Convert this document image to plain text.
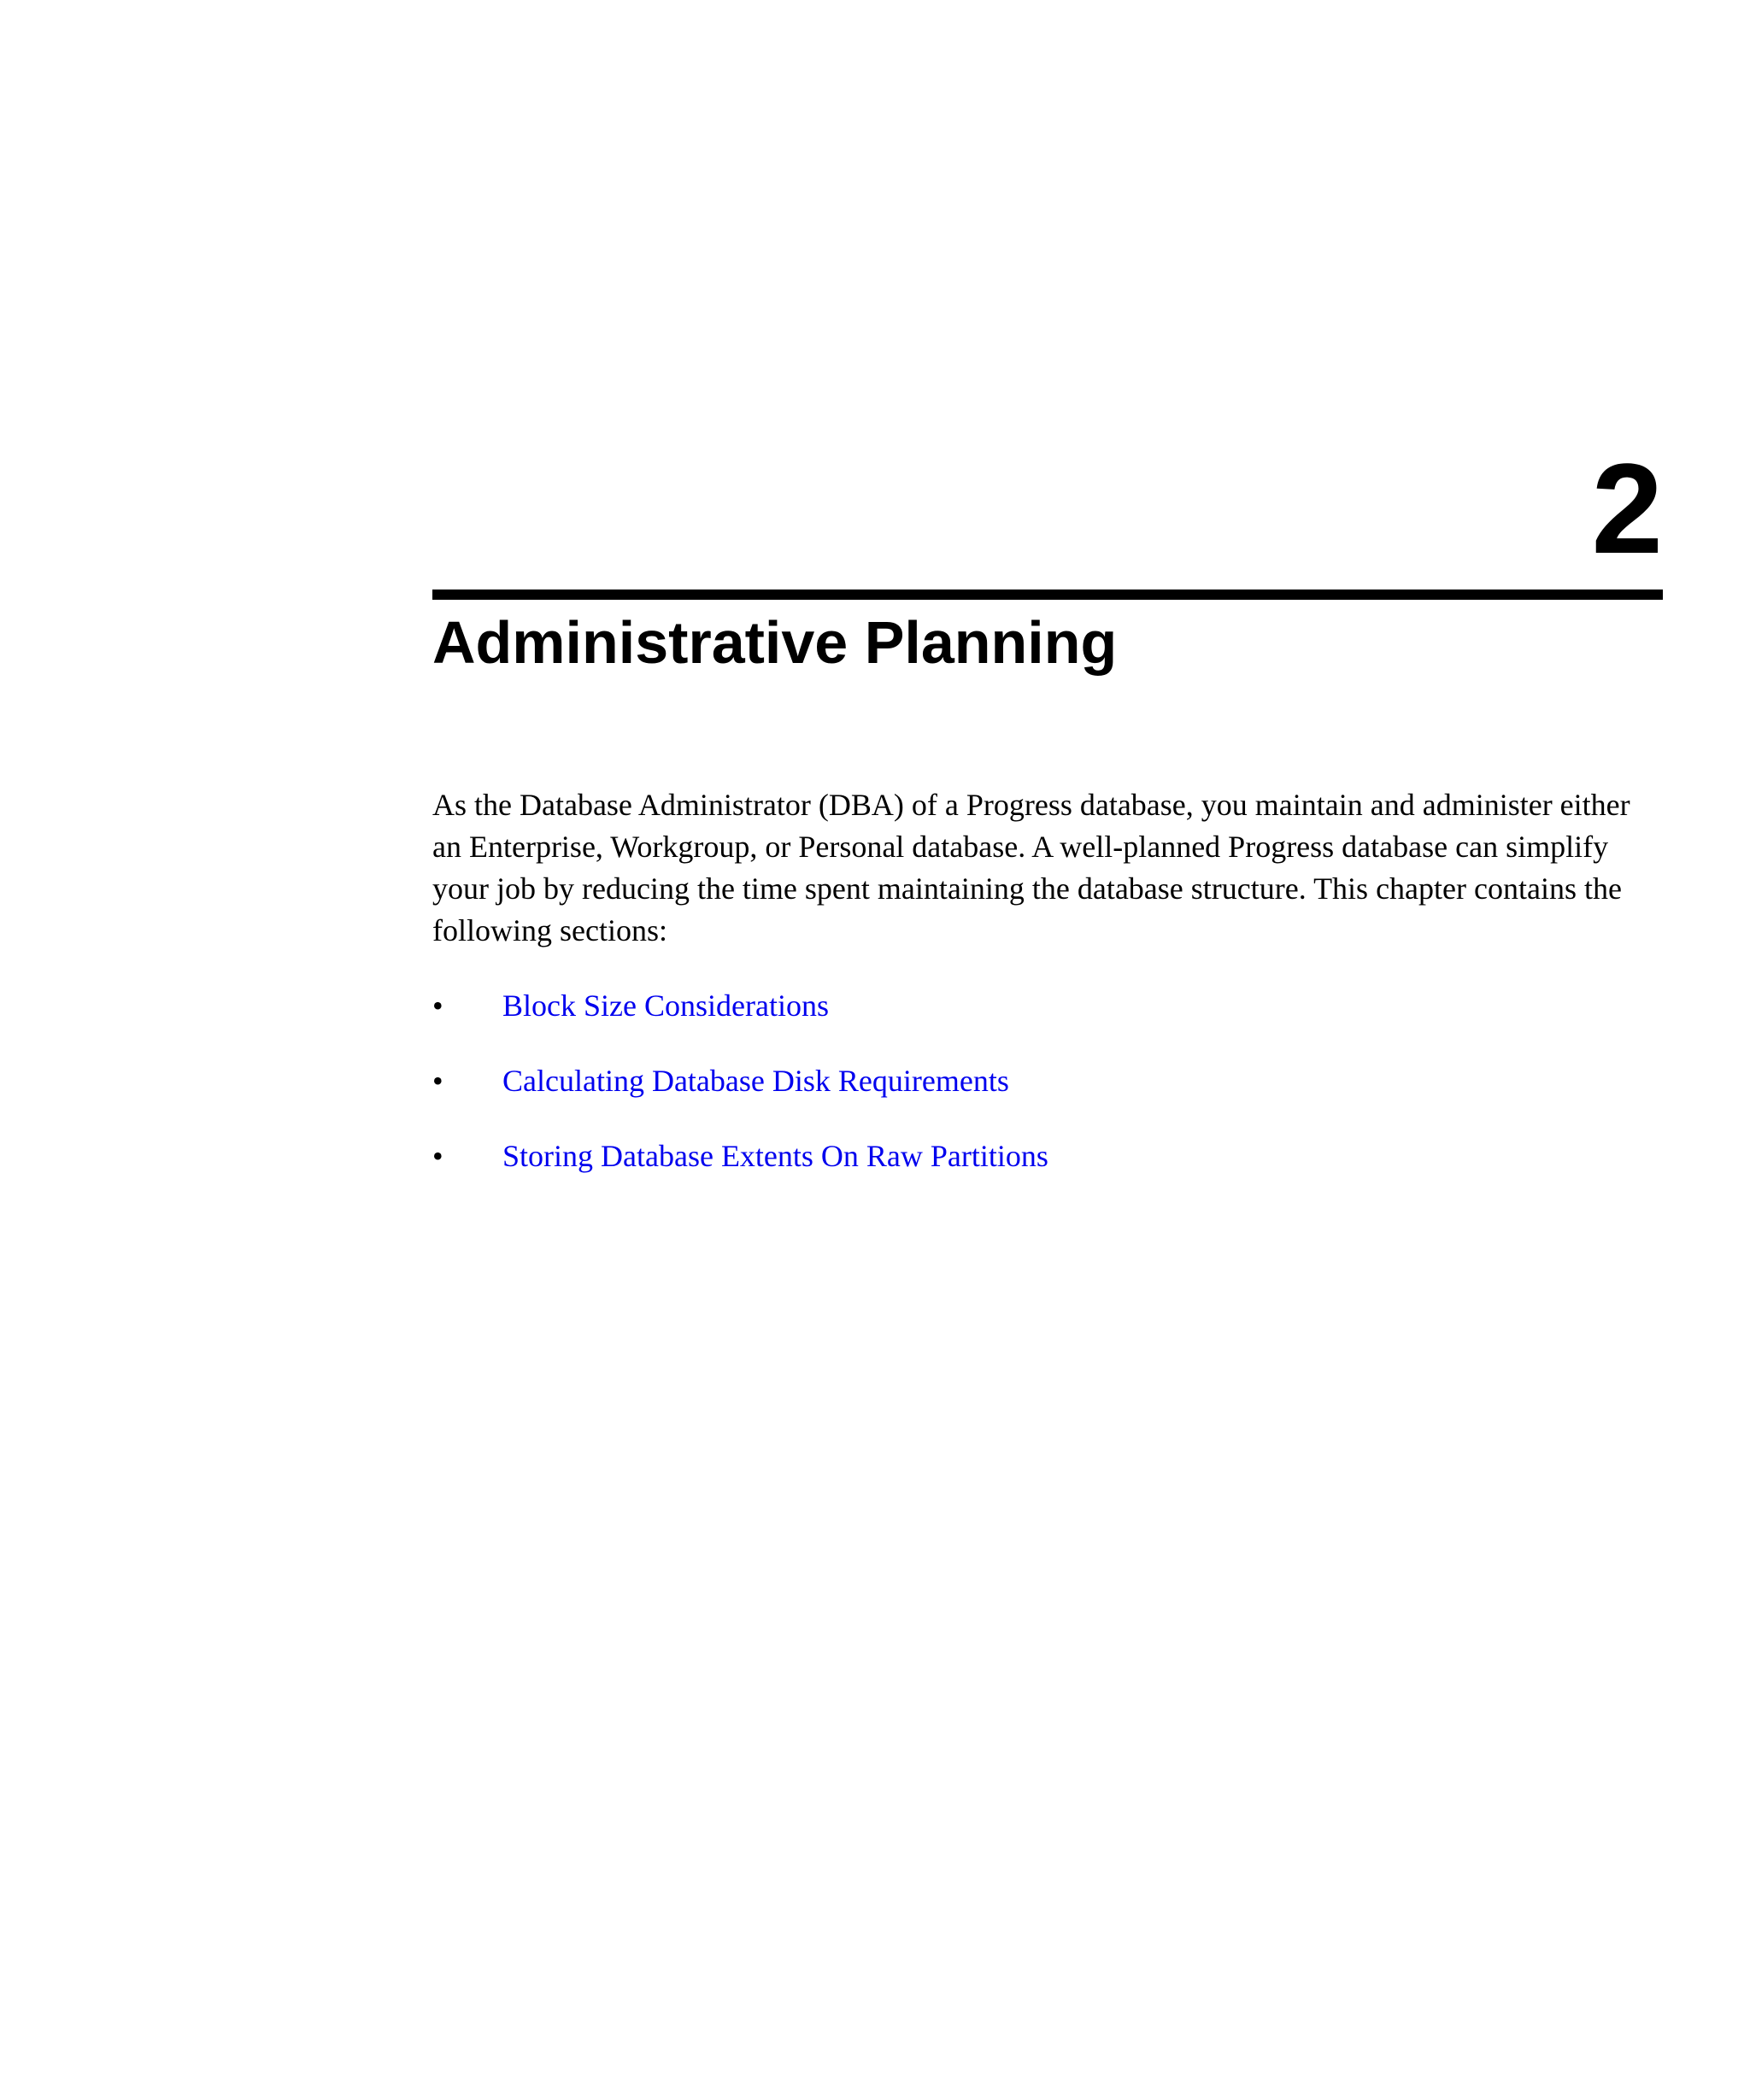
2
Administrative Planning

As the Database Administrator (DBA) of a Progress database, you maintain and administer either an Enterprise, Workgroup, or Personal database. A well-planned Progress database can simplify your job by reducing the time spent maintaining the database structure. This chapter contains the following sections:

•	Block Size Considerations
•	Calculating Database Disk Requirements
•	Storing Database Extents On Raw Partitions
